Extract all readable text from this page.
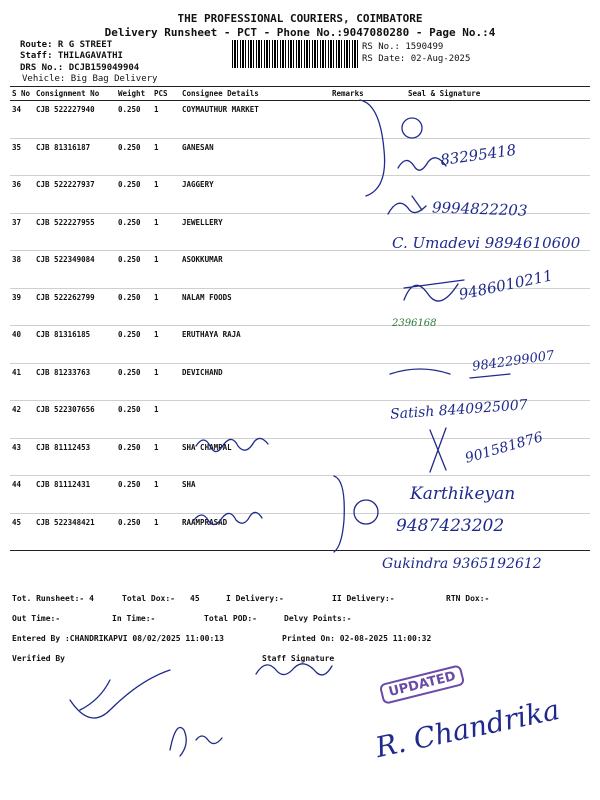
THE PROFESSIONAL COURIERS, COIMBATORE
Delivery Runsheet - PCT - Phone No.:9047080280 - Page No.:4
Route: R G STREET
Staff: THILAGAVATHI
DRS No.: DCJB159049904
Vehicle: Big Bag Delivery
RS No.: 1590499
RS Date: 02-Aug-2025
S No	Consignment No	Weight	PCS	Consignee Details	Remarks	Seal & Signature
34	CJB 522227940	0.250	1	COYMAUTHUR MARKET		
35	CJB 81316187	0.250	1	GANESAN		
36	CJB 522227937	0.250	1	JAGGERY		
37	CJB 522227955	0.250	1	JEWELLERY		
38	CJB 522349084	0.250	1	ASOKKUMAR		
39	CJB 522262799	0.250	1	NALAM FOODS		
40	CJB 81316185	0.250	1	ERUTHAYA RAJA		
41	CJB 81233763	0.250	1	DEVICHAND		
42	CJB 522307656	0.250	1			
43	CJB 81112453	0.250	1	SHA CHAMPAL		
44	CJB 81112431	0.250	1	SHA		
45	CJB 522348421	0.250	1	RAAMPRASAD		
83295418
9994822203
C. Umadevi 9894610600
9486010211
2396168
9842299007
Satish 8440925007
901581876
Karthikeyan
9487423202
Gukindra 9365192612
Tot. Runsheet:- 4	Total Dox:- 45	I Delivery:-	II Delivery:-	RTN Dox:-
Out Time:-	In Time:-	Total POD:-	Delvy Points:-
Entered By :CHANDRIKAPVI 08/02/2025 11:00:13	Printed On: 02-08-2025 11:00:32
Verified By	Staff Signature
UPDATED
R. Chandrika
